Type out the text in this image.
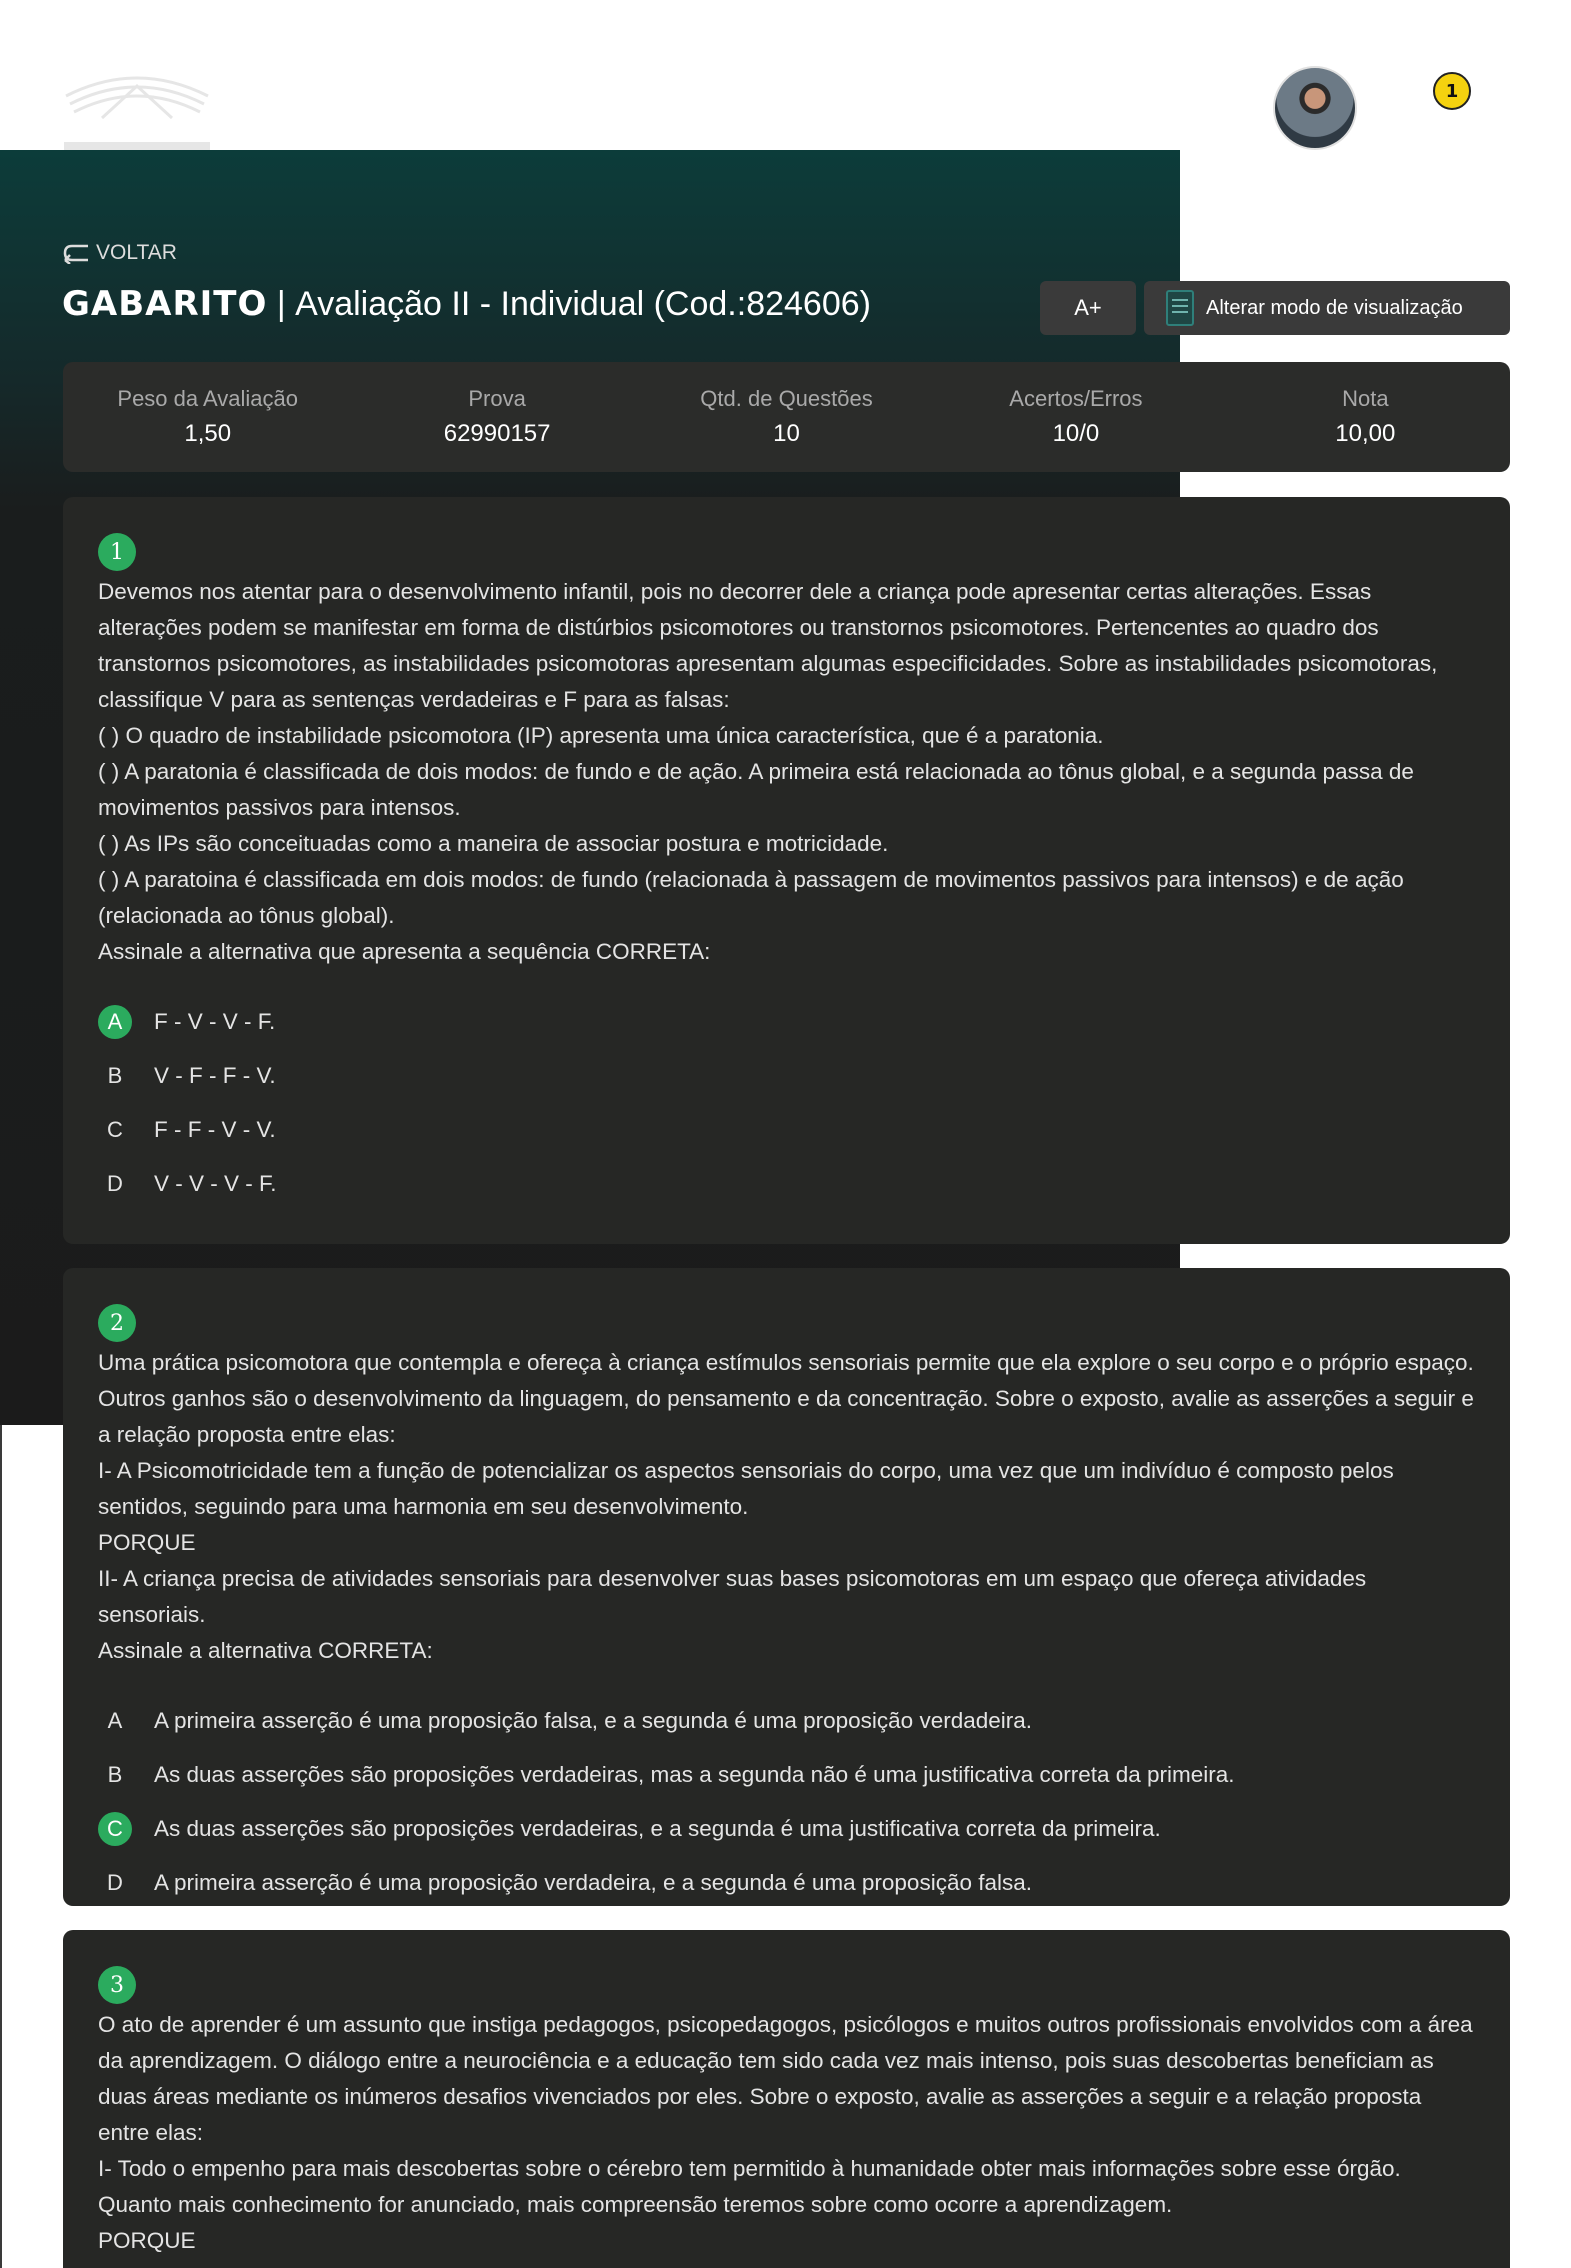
1
VOLTAR
GABARITO | Avaliação II - Individual (Cod.:824606)	A+	Alterar modo de visualização
Peso da Avaliação
1,50
Prova
62990157
Qtd. de Questões
10
Acertos/Erros
10/0
Nota
10,00
1
Devemos nos atentar para o desenvolvimento infantil, pois no decorrer dele a criança pode apresentar certas alterações. Essas alterações podem se manifestar em forma de distúrbios psicomotores ou transtornos psicomotores. Pertencentes ao quadro dos transtornos psicomotores, as instabilidades psicomotoras apresentam algumas especificidades. Sobre as instabilidades psicomotoras, classifique V para as sentenças verdadeiras e F para as falsas:
( ) O quadro de instabilidade psicomotora (IP) apresenta uma única característica, que é a paratonia.
( ) A paratonia é classificada de dois modos: de fundo e de ação. A primeira está relacionada ao tônus global, e a segunda passa de movimentos passivos para intensos.
( ) As IPs são conceituadas como a maneira de associar postura e motricidade.
( ) A paratoina é classificada em dois modos: de fundo (relacionada à passagem de movimentos passivos para intensos) e de ação (relacionada ao tônus global).
Assinale a alternativa que apresenta a sequência CORRETA:
A	F - V - V - F.
B	V - F - F - V.
C	F - F - V - V.
D	V - V - V - F.
2
Uma prática psicomotora que contempla e ofereça à criança estímulos sensoriais permite que ela explore o seu corpo e o próprio espaço. Outros ganhos são o desenvolvimento da linguagem, do pensamento e da concentração. Sobre o exposto, avalie as asserções a seguir e a relação proposta entre elas:
I- A Psicomotricidade tem a função de potencializar os aspectos sensoriais do corpo, uma vez que um indivíduo é composto pelos sentidos, seguindo para uma harmonia em seu desenvolvimento.
PORQUE
II- A criança precisa de atividades sensoriais para desenvolver suas bases psicomotoras em um espaço que ofereça atividades sensoriais.
Assinale a alternativa CORRETA:
A	A primeira asserção é uma proposição falsa, e a segunda é uma proposição verdadeira.
B	As duas asserções são proposições verdadeiras, mas a segunda não é uma justificativa correta da primeira.
C	As duas asserções são proposições verdadeiras, e a segunda é uma justificativa correta da primeira.
D	A primeira asserção é uma proposição verdadeira, e a segunda é uma proposição falsa.
3
O ato de aprender é um assunto que instiga pedagogos, psicopedagogos, psicólogos e muitos outros profissionais envolvidos com a área da aprendizagem. O diálogo entre a neurociência e a educação tem sido cada vez mais intenso, pois suas descobertas beneficiam as duas áreas mediante os inúmeros desafios vivenciados por eles. Sobre o exposto, avalie as asserções a seguir e a relação proposta entre elas:
I- Todo o empenho para mais descobertas sobre o cérebro tem permitido à humanidade obter mais informações sobre esse órgão. Quanto mais conhecimento for anunciado, mais compreensão teremos sobre como ocorre a aprendizagem.
PORQUE
